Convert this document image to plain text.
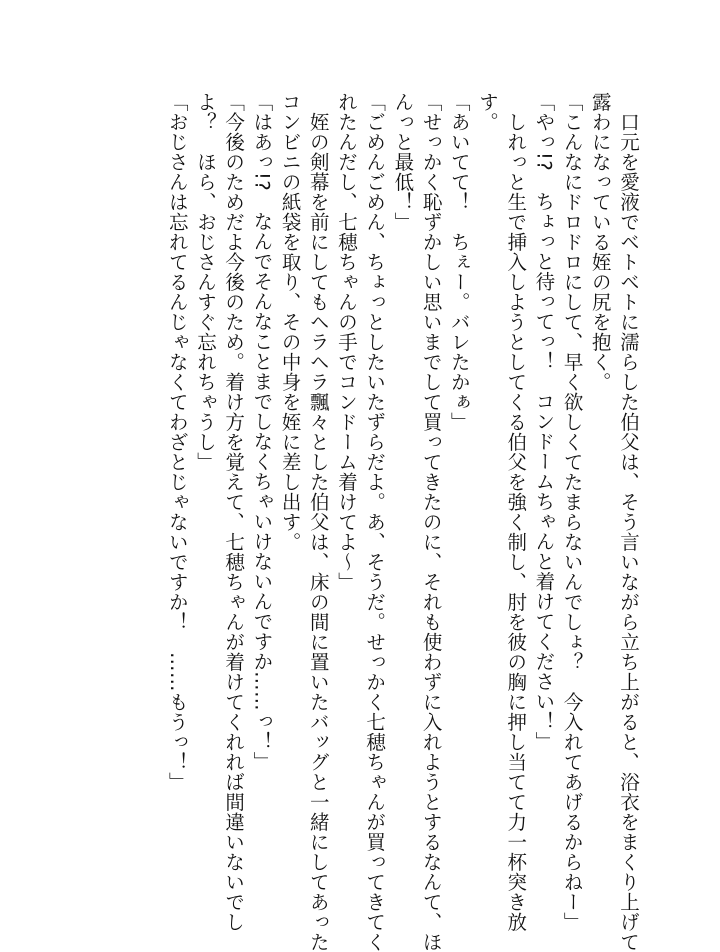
口元を愛液でベトベトに濡らした伯父は、そう言いながら立ち上がると、浴衣をまくり上げて
露わになっている姪の尻を抱く。
「こんなにドロドロにして、早く欲しくてたまらないんでしょ？　今入れてあげるからねー」
「やっ!?　ちょっと待ってっ！　コンドームちゃんと着けてください！」
しれっと生で挿入しようとしてくる伯父を強く制し、肘を彼の胸に押し当てて力一杯突き放
す。
「あいてて！　ちぇー。バレたかぁ」
「せっかく恥ずかしい思いまでして買ってきたのに、それも使わずに入れようとするなんて、ほ
んっと最低！」
「ごめんごめん、ちょっとしたいたずらだよ。あ、そうだ。せっかく七穂ちゃんが買ってきてく
れたんだし、七穂ちゃんの手でコンドーム着けてよ〜」
姪の剣幕を前にしてもヘラヘラ飄々とした伯父は、床の間に置いたバッグと一緒にしてあった
コンビニの紙袋を取り、その中身を姪に差し出す。
「はあっ!?　なんでそんなことまでしなくちゃいけないんですか……っ！」
「今後のためだよ今後のため。着け方を覚えて、七穂ちゃんが着けてくれれば間違いないでし
よ？　ほら、おじさんすぐ忘れちゃうし」
「おじさんは忘れてるんじゃなくてわざとじゃないですか！　……もうっ！」
